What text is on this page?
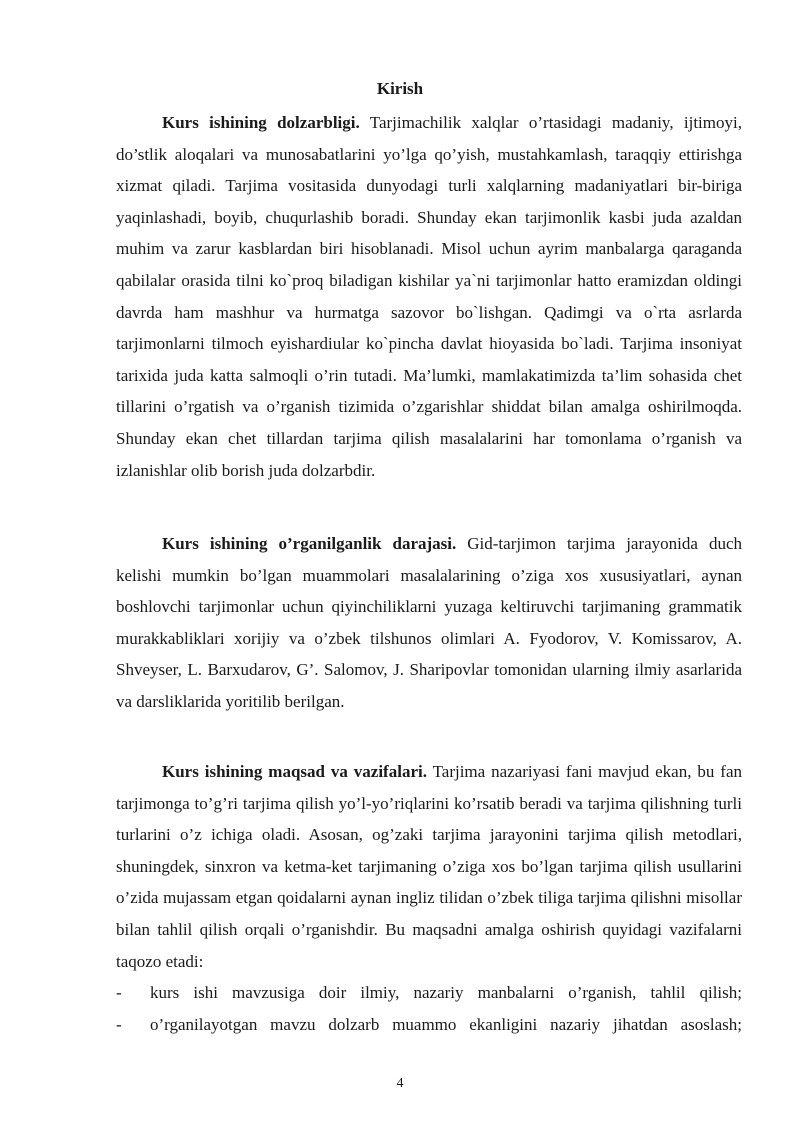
Kirish

Kurs ishining dolzarbligi. Tarjimachilik xalqlar o’rtasidagi madaniy, ijtimoyi, do’stlik aloqalari va munosabatlarini yo’lga qo’yish, mustahkamlash, taraqqiy ettirishga xizmat qiladi. Tarjima vositasida dunyodagi turli xalqlarning madaniyatlari bir-biriga yaqinlashadi, boyib, chuqurlashib boradi. Shunday ekan tarjimonlik kasbi juda azaldan muhim va zarur kasblardan biri hisoblanadi. Misol uchun ayrim manbalarga qaraganda qabilalar orasida tilni ko`proq biladigan kishilar ya`ni tarjimonlar hatto eramizdan oldingi davrda ham mashhur va hurmatga sazovor bo`lishgan. Qadimgi va o`rta asrlarda tarjimonlarni tilmoch eyishardiular ko`pincha davlat hioyasida bo`ladi. Tarjima insoniyat tarixida juda katta salmoqli o’rin tutadi. Ma’lumki, mamlakatimizda ta’lim sohasida chet tillarini o’rgatish va o’rganish tizimida o’zgarishlar shiddat bilan amalga oshirilmoqda. Shunday ekan chet tillardan tarjima qilish masalalarini har tomonlama o’rganish va izlanishlar olib borish juda dolzarbdir.

Kurs ishining o’rganilganlik darajasi. Gid-tarjimon tarjima jarayonida duch kelishi mumkin bo’lgan muammolari masalalarining o’ziga xos xususiyatlari, aynan boshlovchi tarjimonlar uchun qiyinchiliklarni yuzaga keltiruvchi tarjimaning grammatik murakkabliklari xorijiy va o’zbek tilshunos olimlari A. Fyodorov, V. Komissarov, A. Shveyser, L. Barxudarov, G’. Salomov, J. Sharipovlar tomonidan ularning ilmiy asarlarida va darsliklarida yoritilib berilgan.

Kurs ishining maqsad va vazifalari. Tarjima nazariyasi fani mavjud ekan, bu fan tarjimonga to’g’ri tarjima qilish yo’l-yo’riqlarini ko’rsatib beradi va tarjima qilishning turli turlarini o’z ichiga oladi. Asosan, og’zaki tarjima jarayonini tarjima qilish metodlari, shuningdek, sinxron va ketma-ket tarjimaning o’ziga xos bo’lgan tarjima qilish usullarini o’zida mujassam etgan qoidalarni aynan ingliz tilidan o’zbek tiliga tarjima qilishni misollar bilan tahlil qilish orqali o’rganishdir. Bu maqsadni amalga oshirish quyidagi vazifalarni taqozo etadi:

- kurs ishi mavzusiga doir ilmiy, nazariy manbalarni o’rganish, tahlil qilish;
- o’rganilayotgan mavzu dolzarb muammo ekanligini nazariy jihatdan asoslash;
4
